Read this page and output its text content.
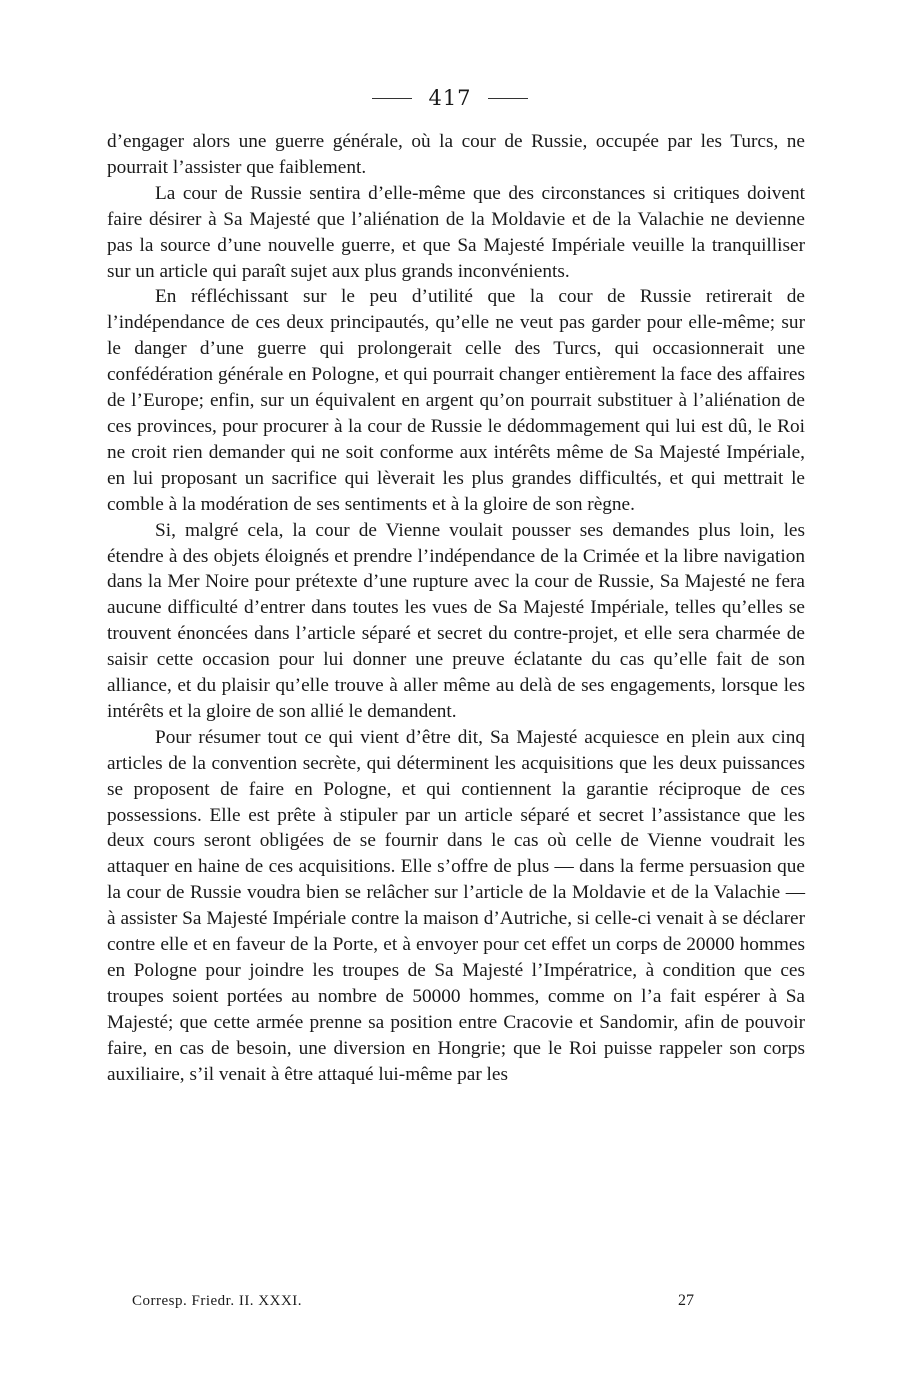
417

d’engager alors une guerre générale, où la cour de Russie, occupée par les Turcs, ne pourrait l’assister que faiblement.

La cour de Russie sentira d’elle-même que des circonstances si critiques doivent faire désirer à Sa Majesté que l’aliénation de la Moldavie et de la Valachie ne devienne pas la source d’une nouvelle guerre, et que Sa Majesté Impériale veuille la tranquilliser sur un article qui paraît sujet aux plus grands inconvénients.

En réfléchissant sur le peu d’utilité que la cour de Russie retirerait de l’indépendance de ces deux principautés, qu’elle ne veut pas garder pour elle-même; sur le danger d’une guerre qui prolongerait celle des Turcs, qui occasionnerait une confédération générale en Pologne, et qui pourrait changer entièrement la face des affaires de l’Europe; enfin, sur un équivalent en argent qu’on pourrait substituer à l’aliénation de ces provinces, pour procurer à la cour de Russie le dédommagement qui lui est dû, le Roi ne croit rien demander qui ne soit conforme aux intérêts même de Sa Majesté Impériale, en lui proposant un sacrifice qui lèverait les plus grandes difficultés, et qui mettrait le comble à la modération de ses sentiments et à la gloire de son règne.

Si, malgré cela, la cour de Vienne voulait pousser ses demandes plus loin, les étendre à des objets éloignés et prendre l’indépendance de la Crimée et la libre navigation dans la Mer Noire pour prétexte d’une rupture avec la cour de Russie, Sa Majesté ne fera aucune difficulté d’entrer dans toutes les vues de Sa Majesté Impériale, telles qu’elles se trouvent énoncées dans l’article séparé et secret du contre-projet, et elle sera charmée de saisir cette occasion pour lui donner une preuve éclatante du cas qu’elle fait de son alliance, et du plaisir qu’elle trouve à aller même au delà de ses engagements, lorsque les intérêts et la gloire de son allié le demandent.

Pour résumer tout ce qui vient d’être dit, Sa Majesté acquiesce en plein aux cinq articles de la convention secrète, qui déterminent les acquisitions que les deux puissances se proposent de faire en Pologne, et qui contiennent la garantie réciproque de ces possessions. Elle est prête à stipuler par un article séparé et secret l’assistance que les deux cours seront obligées de se fournir dans le cas où celle de Vienne voudrait les attaquer en haine de ces acquisitions. Elle s’offre de plus — dans la ferme persuasion que la cour de Russie voudra bien se relâcher sur l’article de la Moldavie et de la Valachie — à assister Sa Majesté Impériale contre la maison d’Autriche, si celle-ci venait à se déclarer contre elle et en faveur de la Porte, et à envoyer pour cet effet un corps de 20000 hommes en Pologne pour joindre les troupes de Sa Majesté l’Impératrice, à condition que ces troupes soient portées au nombre de 50000 hommes, comme on l’a fait espérer à Sa Majesté; que cette armée prenne sa position entre Cracovie et Sandomir, afin de pouvoir faire, en cas de besoin, une diversion en Hongrie; que le Roi puisse rappeler son corps auxiliaire, s’il venait à être attaqué lui-même par les

Corresp. Friedr. II. XXXI.	27
